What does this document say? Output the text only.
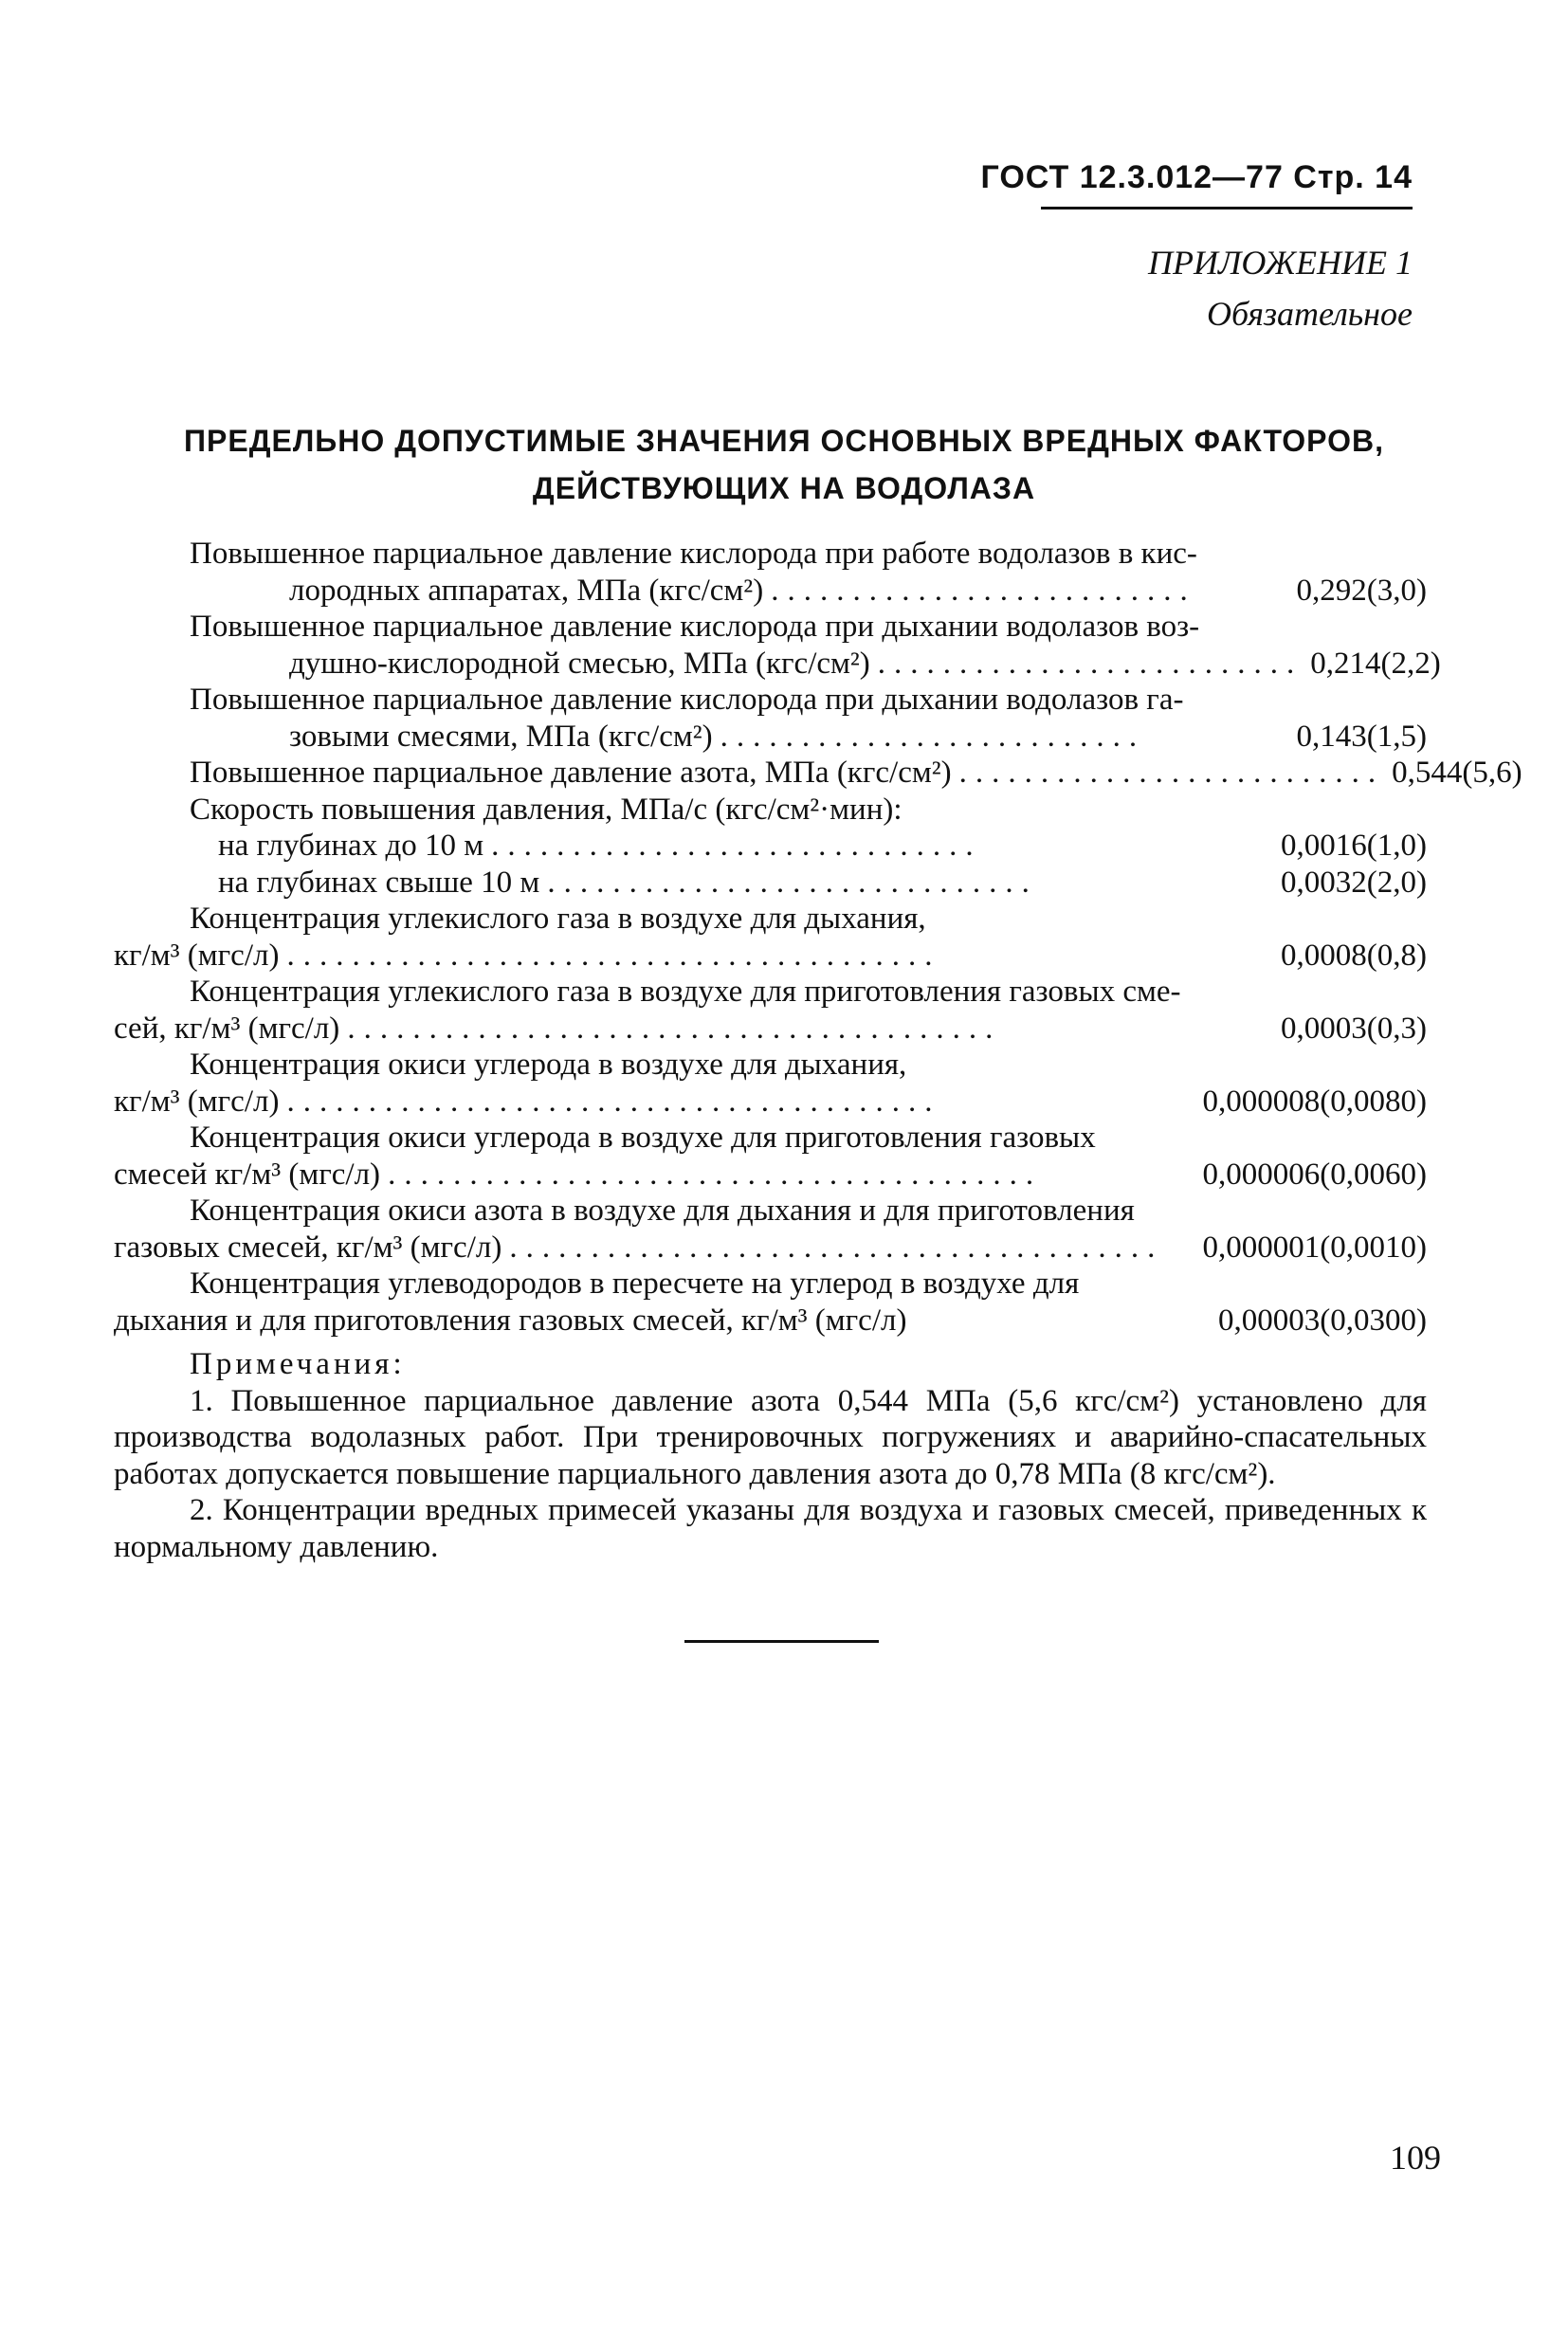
ГОСТ 12.3.012—77 Стр. 14
ПРИЛОЖЕНИЕ 1
Обязательное
ПРЕДЕЛЬНО ДОПУСТИМЫЕ ЗНАЧЕНИЯ ОСНОВНЫХ ВРЕДНЫХ ФАКТОРОВ,
ДЕЙСТВУЮЩИХ НА ВОДОЛАЗА
Повышенное парциальное давление кислорода при работе водолазов в кис-
лородных аппаратах, МПа (кгс/см²) ..........................	0,292(3,0)
Повышенное парциальное давление кислорода при дыхании водолазов воз-
душно-кислородной смесью, МПа (кгс/см²) .......................... 0,214(2,2)
Повышенное парциальное давление кислорода при дыхании водолазов га-
зовыми смесями, МПа (кгс/см²) ..........................	0,143(1,5)
Повышенное парциальное давление азота, МПа (кгс/см²) .......................... 0,544(5,6)
Скорость повышения давления, МПа/с (кгс/см²·мин):
на глубинах до 10 м ..............................	0,0016(1,0)
на глубинах свыше 10 м ..............................	0,0032(2,0)
Концентрация углекислого газа в воздухе для дыхания,
кг/м³ (мгс/л) ........................................	0,0008(0,8)
Концентрация углекислого газа в воздухе для приготовления газовых сме-
сей, кг/м³ (мгс/л) ........................................	0,0003(0,3)
Концентрация окиси углерода в воздухе для дыхания,
кг/м³ (мгс/л) ........................................	0,000008(0,0080)
Концентрация окиси углерода в воздухе для приготовления газовых
смесей кг/м³ (мгс/л) ........................................	0,000006(0,0060)
Концентрация окиси азота в воздухе для дыхания и для приготовления
газовых смесей, кг/м³ (мгс/л) ........................................	0,000001(0,0010)
Концентрация углеводородов в пересчете на углерод в воздухе для
дыхания и для приготовления газовых смесей, кг/м³ (мгс/л)	0,00003(0,0300)
Примечания:
1. Повышенное парциальное давление азота 0,544 МПа (5,6 кгс/см²) установлено для производства водолазных работ. При тренировочных погружениях и аварийно-спасательных работах допускается повышение парциального давления азота до 0,78 МПа (8 кгс/см²).
2. Концентрации вредных примесей указаны для воздуха и газовых смесей, приведенных к нормальному давлению.
109
